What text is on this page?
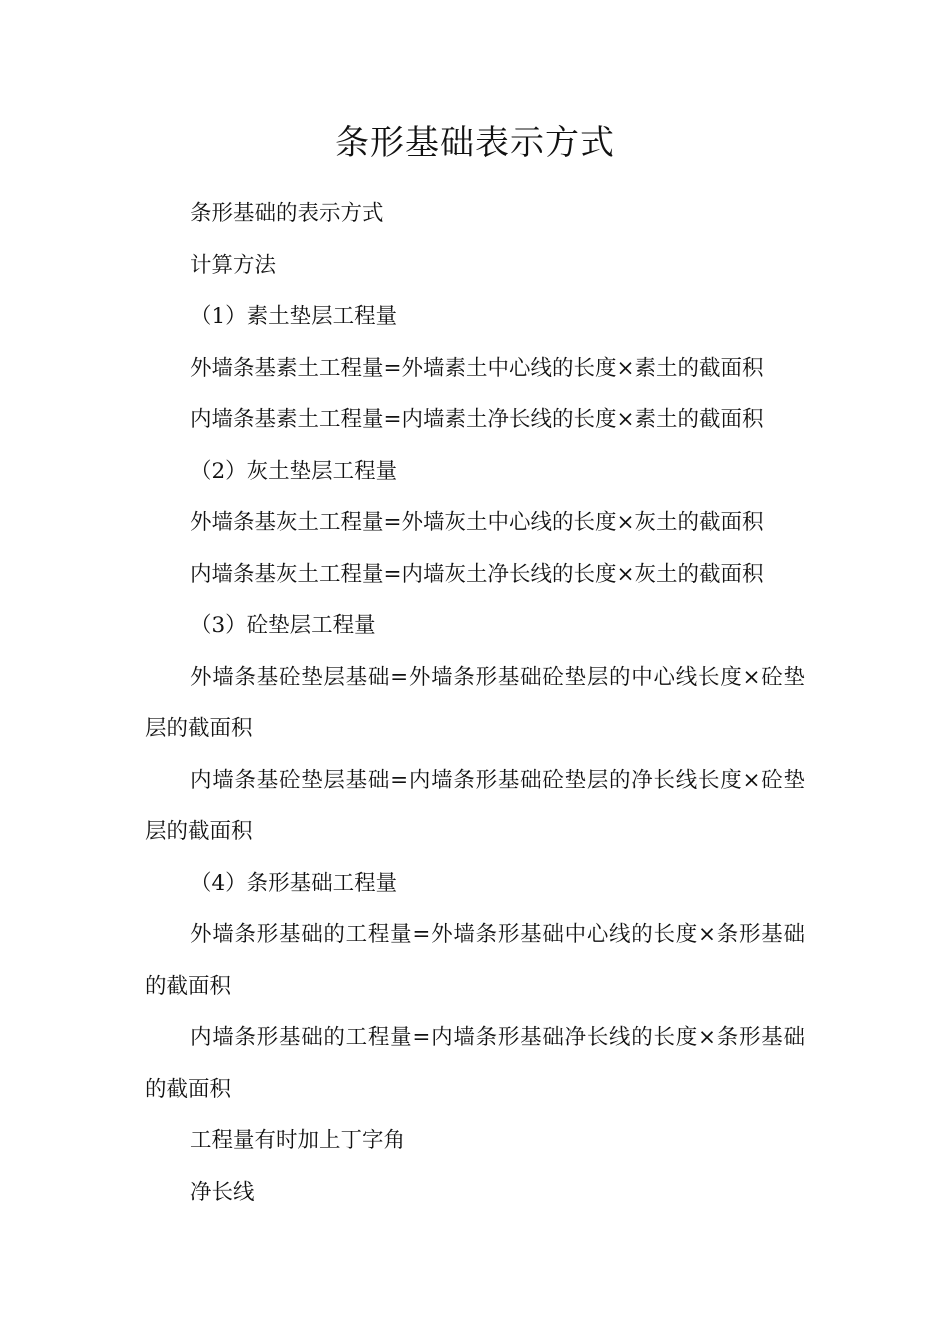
条形基础表示方式

条形基础的表示方式

计算方法

（1）素土垫层工程量

外墙条基素土工程量=外墙素土中心线的长度×素土的截面积

内墙条基素土工程量=内墙素土净长线的长度×素土的截面积

（2）灰土垫层工程量

外墙条基灰土工程量=外墙灰土中心线的长度×灰土的截面积

内墙条基灰土工程量=内墙灰土净长线的长度×灰土的截面积

（3）砼垫层工程量

外墙条基砼垫层基础=外墙条形基础砼垫层的中心线长度×砼垫层的截面积

内墙条基砼垫层基础=内墙条形基础砼垫层的净长线长度×砼垫层的截面积

（4）条形基础工程量

外墙条形基础的工程量=外墙条形基础中心线的长度×条形基础的截面积

内墙条形基础的工程量=内墙条形基础净长线的长度×条形基础的截面积

工程量有时加上丁字角

净长线
